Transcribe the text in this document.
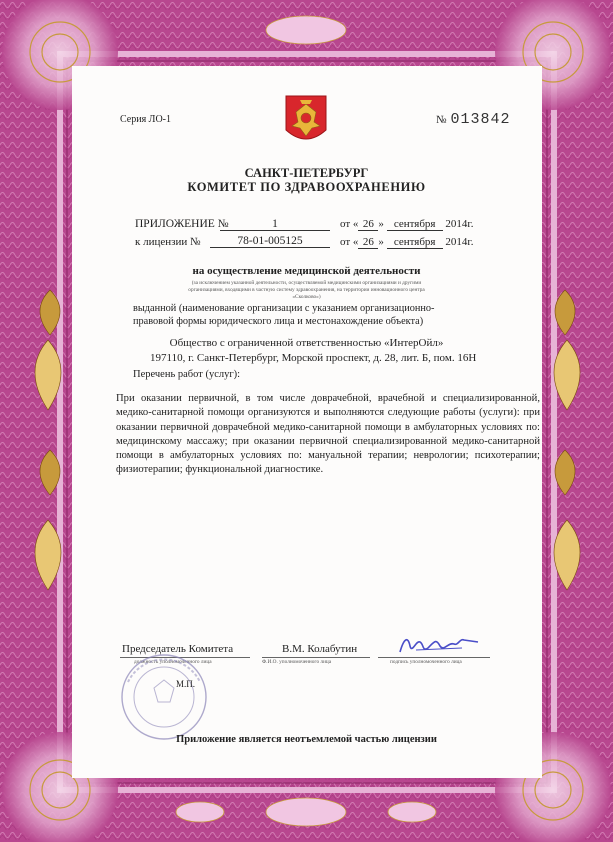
Серия ЛО-1	№ 013842
САНКТ-ПЕТЕРБУРГ
КОМИТЕТ ПО ЗДРАВООХРАНЕНИЮ
ПРИЛОЖЕНИЕ №	1	от « 26 » сентября 2014г.
к лицензии №	78-01-005125	от « 26 » сентября 2014г.
на осуществление медицинской деятельности
(за исключением указанной деятельности, осуществляемой медицинскими организациями и другими
организациями, входящими в частную систему здравоохранения, на территории инновационного центра
«Сколково»)
выданной (наименование организации с указанием организационно-
правовой формы юридического лица и местонахождение объекта)
Общество с ограниченной ответственностью «ИнтерОйл»
197110, г. Санкт-Петербург, Морской проспект, д. 28, лит. Б, пом. 16Н
Перечень работ (услуг):
При оказании первичной, в том числе доврачебной, врачебной и специализированной, медико-санитарной помощи организуются и выполняются следующие работы (услуги): при оказании первичной доврачебной медико-санитарной помощи в амбулаторных условиях по: медицинскому массажу; при оказании первичной специализированной медико-санитарной помощи в амбулаторных условиях по: мануальной терапии; неврологии; психотерапии; физиотерапии; функциональной диагностике.
Председатель Комитета	В.М. Колабутин
должность уполномоченного лица	Ф.И.О. уполномоченного лица	подпись уполномоченного лица
М.П.
Приложение является неотъемлемой частью лицензии
